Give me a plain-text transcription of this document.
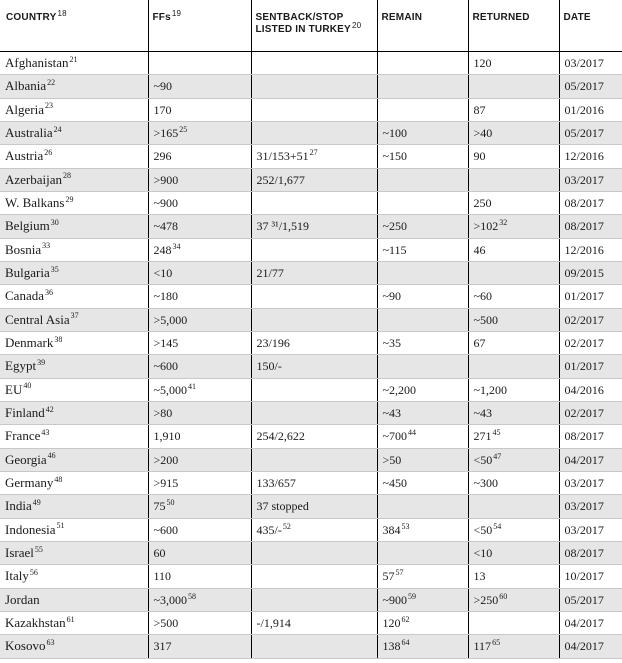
COUNTRY$^{18}$	FFs$^{19}$	SENTBACK/STOP LISTED IN TURKEY$^{20}$	REMAIN	RETURNED	DATE
Afghanistan$^{21}$				120	03/2017
Albania$^{22}$	~90				05/2017
Algeria$^{23}$	170			87	01/2016
Australia$^{24}$	$>165^{25}$		~100	>40	05/2017
Austria$^{26}$	296	$31/153+51^{27}$	~150	90	12/2016
Azerbaijan$^{28}$	>900	252/1,677			03/2017
W. Balkans$^{29}$	~900			250	08/2017
Belgium$^{30}$	~478	37 ³¹/1,519	~250	$>102^{32}$	08/2017
Bosnia$^{33}$	$248^{34}$		~115	46	12/2016
Bulgaria$^{35}$	<10	21/77			09/2015
Canada$^{36}$	~180		~90	~60	01/2017
Central Asia$^{37}$	>5,000			~500	02/2017
Denmark$^{38}$	>145	23/196	~35	67	02/2017
Egypt$^{39}$	~600	150/-			01/2017
EU$^{40}$	~5,000$^{41}$		~2,200	~1,200	04/2016
Finland$^{42}$	>80		~43	~43	02/2017
France$^{43}$	1,910	254/2,622	$\sim 700^{44}$	$271^{45}$	08/2017
Georgia$^{46}$	>200		>50	$<50^{47}$	04/2017
Germany$^{48}$	>915	133/657	~450	~300	03/2017
India$^{49}$	$75^{50}$	37 stopped			03/2017
Indonesia$^{51}$	~600	435/-$^{52}$	$384^{53}$	$<50^{54}$	03/2017
Israel$^{55}$	60			<10	08/2017
Italy$^{56}$	110		$57^{57}$	13	10/2017
Jordan	~3,000$^{58}$		$\sim 900^{59}$	$>250^{60}$	05/2017
Kazakhstan$^{61}$	>500	-/1,914	$120^{62}$		04/2017
Kosovo$^{63}$	317		$138^{64}$	$117^{65}$	04/2017
